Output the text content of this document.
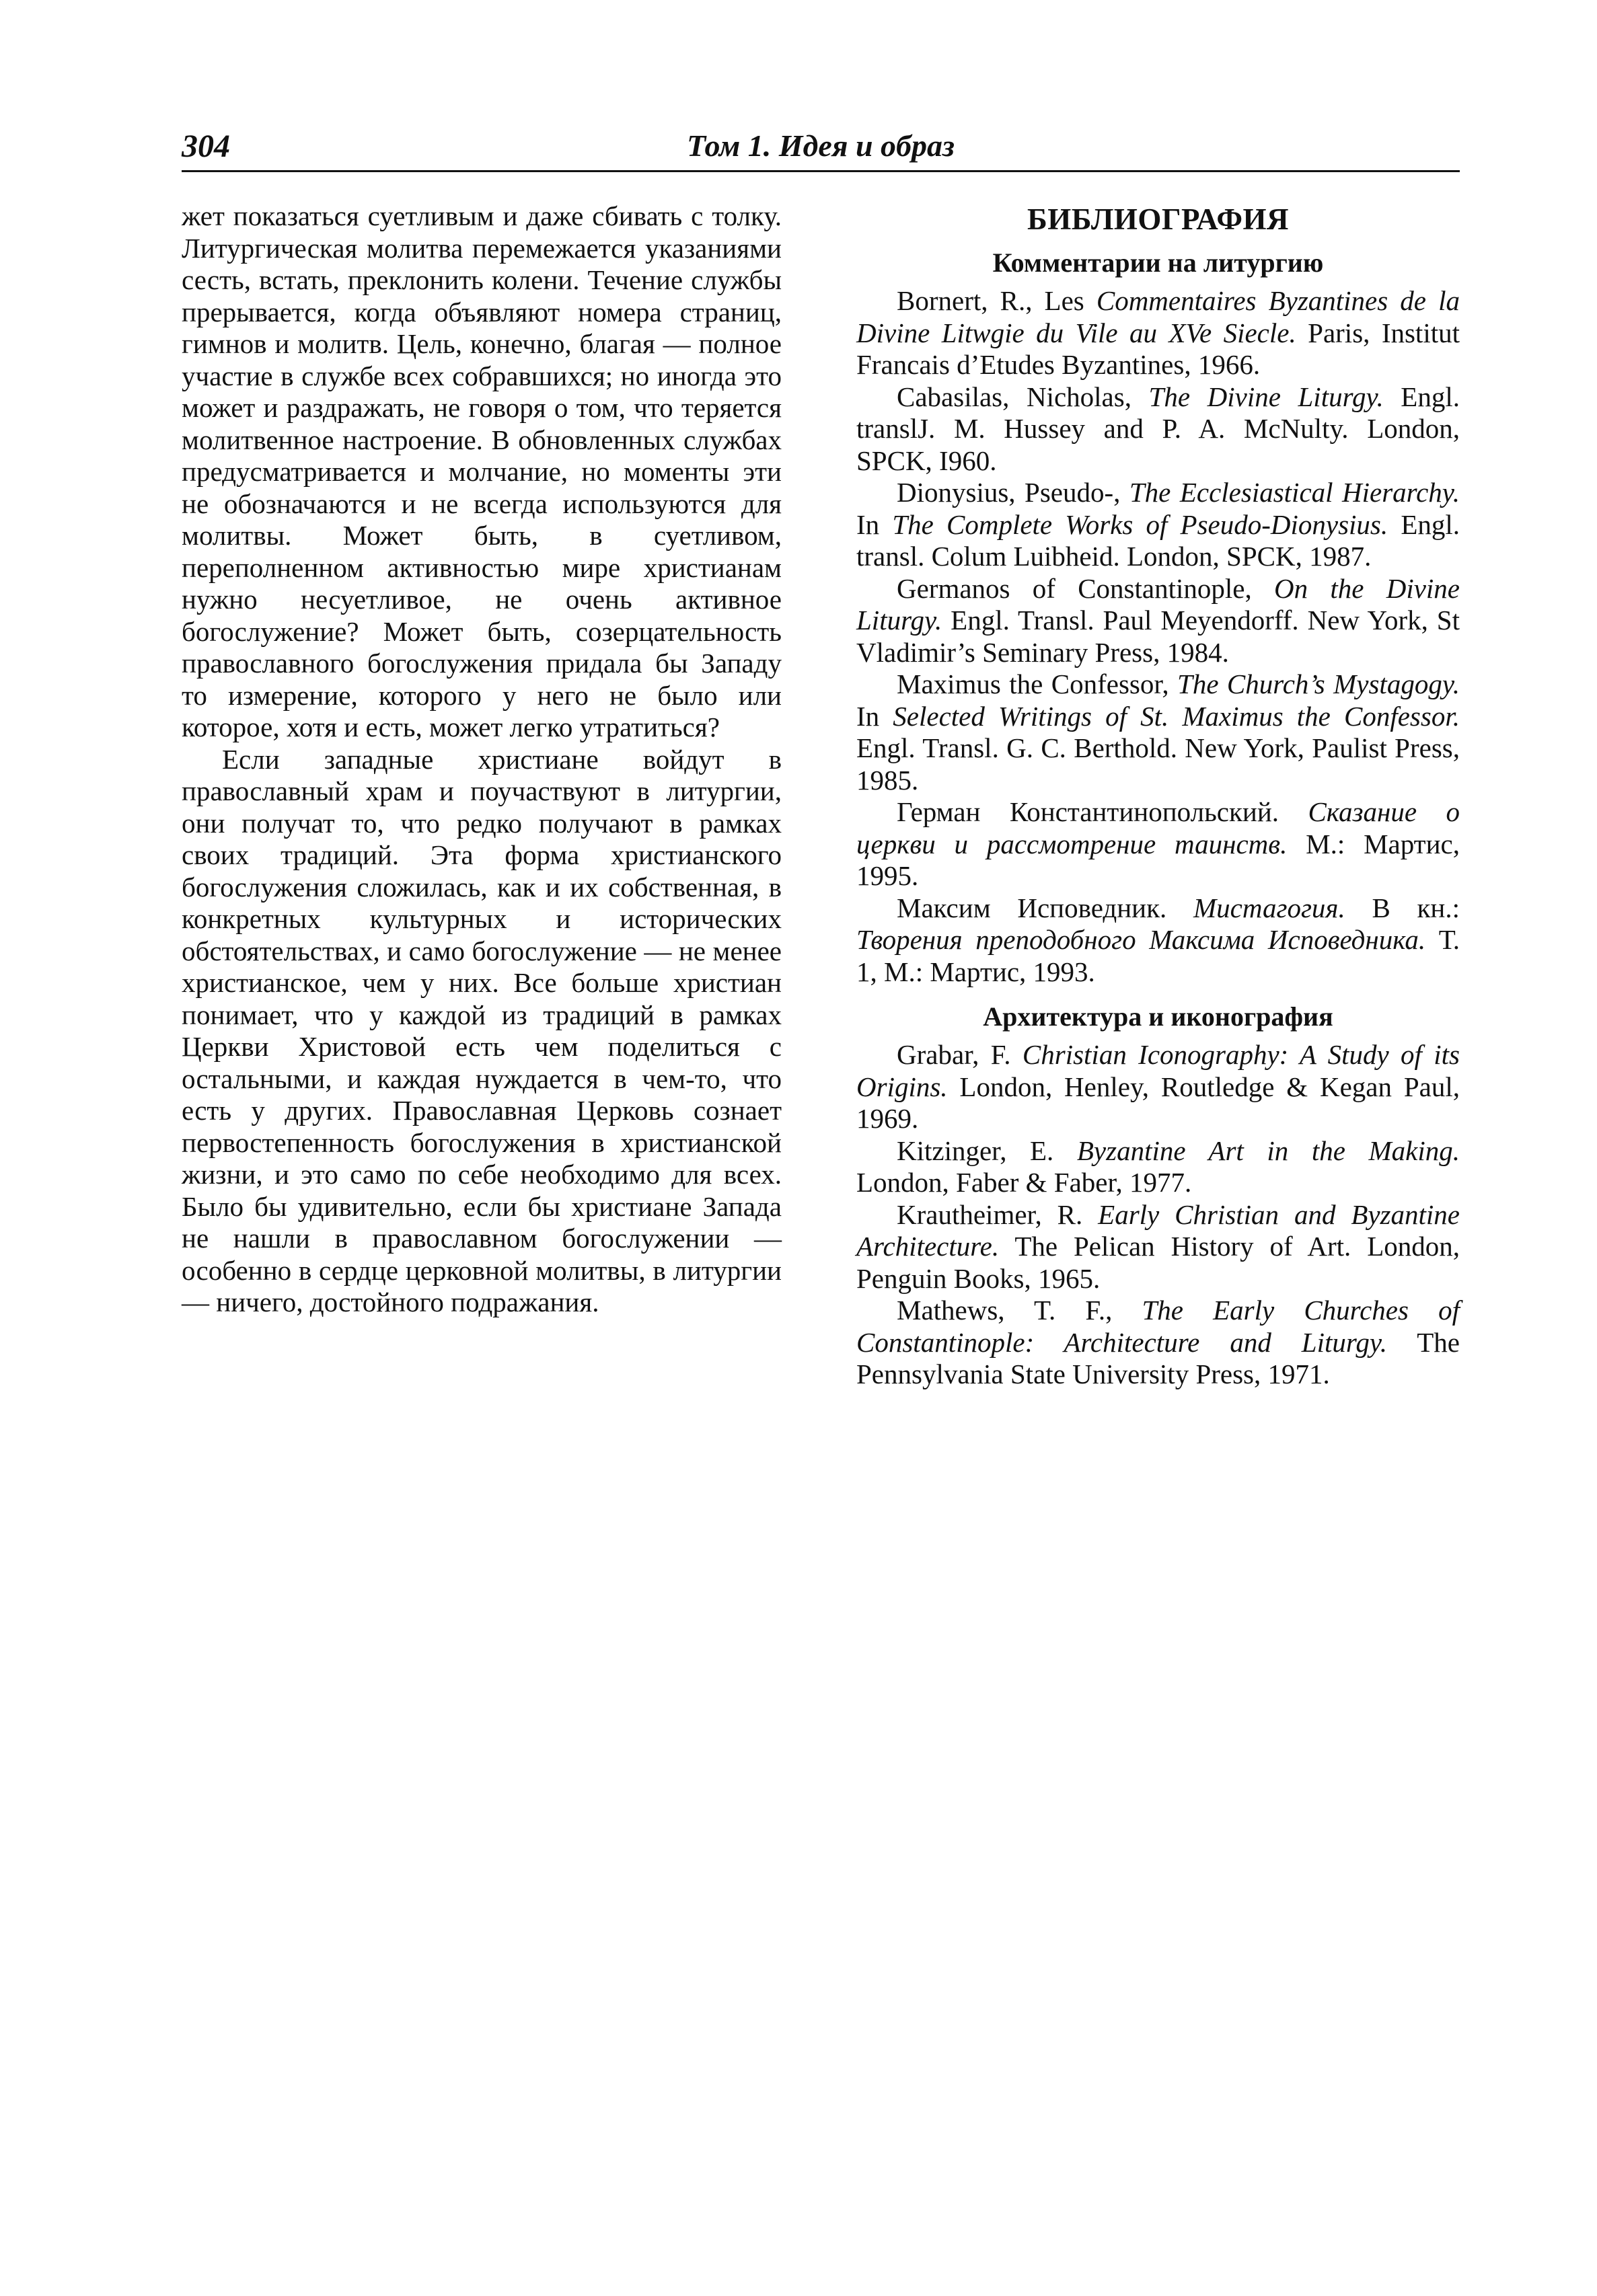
304	Том 1. Идея и образ

жет показаться суетливым и даже сбивать с толку. Литургическая молитва перемежается указаниями сесть, встать, преклонить колени. Течение службы прерывается, когда объявляют номера страниц, гимнов и молитв. Цель, конечно, благая — полное участие в службе всех собравшихся; но иногда это может и раздражать, не говоря о том, что теряется молитвенное настроение. В обновленных службах предусматривается и молчание, но моменты эти не обозначаются и не всегда используются для молитвы. Может быть, в суетливом, переполненном активностью мире христианам нужно несуетливое, не очень активное богослужение? Может быть, созерцательность православного богослужения придала бы Западу то измерение, которого у него не было или которое, хотя и есть, может легко утратиться?

Если западные христиане войдут в православный храм и поучаствуют в литургии, они получат то, что редко получают в рамках своих традиций. Эта форма христианского богослужения сложилась, как и их собственная, в конкретных культурных и исторических обстоятельствах, и само богослужение — не менее христианское, чем у них. Все больше христиан понимает, что у каждой из традиций в рамках Церкви Христовой есть чем поделиться с остальными, и каждая нуждается в чем-то, что есть у других. Православная Церковь сознает первостепенность богослужения в христианской жизни, и это само по себе необходимо для всех. Было бы удивительно, если бы христиане Запада не нашли в православном богослужении — особенно в сердце церковной молитвы, в литургии — ничего, достойного подражания.

БИБЛИОГРАФИЯ

Комментарии на литургию

Bornert, R., Les Commentaires Byzantines de la Divine Litwgie du Vile au XVe Siecle. Paris, Institut Francais d’Etudes Byzantines, 1966.

Cabasilas, Nicholas, The Divine Liturgy. Engl. translJ. M. Hussey and P. A. McNulty. London, SPCK, I960.

Dionysius, Pseudo-, The Ecclesiastical Hierarchy. In The Complete Works of Pseudo-Dionysius. Engl. transl. Colum Luibheid. London, SPCK, 1987.

Germanos of Constantinople, On the Divine Liturgy. Engl. Transl. Paul Meyendorff. New York, St Vladimir’s Seminary Press, 1984.

Maximus the Confessor, The Church’s Mystagogy. In Selected Writings of St. Maximus the Confessor. Engl. Transl. G. C. Berthold. New York, Paulist Press, 1985.

Герман Константинопольский. Сказание о церкви и рассмотрение таинств. М.: Мартис, 1995.

Максим Исповедник. Мистагогия. В кн.: Творения преподобного Максима Исповедника. Т. 1, М.: Мартис, 1993.

Архитектура и иконография

Grabar, F. Christian Iconography: A Study of its Origins. London, Henley, Routledge & Kegan Paul, 1969.

Kitzinger, E. Byzantine Art in the Making. London, Faber & Faber, 1977.

Krautheimer, R. Early Christian and Byzantine Architecture. The Pelican History of Art. London, Penguin Books, 1965.

Mathews, T. F., The Early Churches of Constantinople: Architecture and Liturgy. The Pennsylvania State University Press, 1971.
